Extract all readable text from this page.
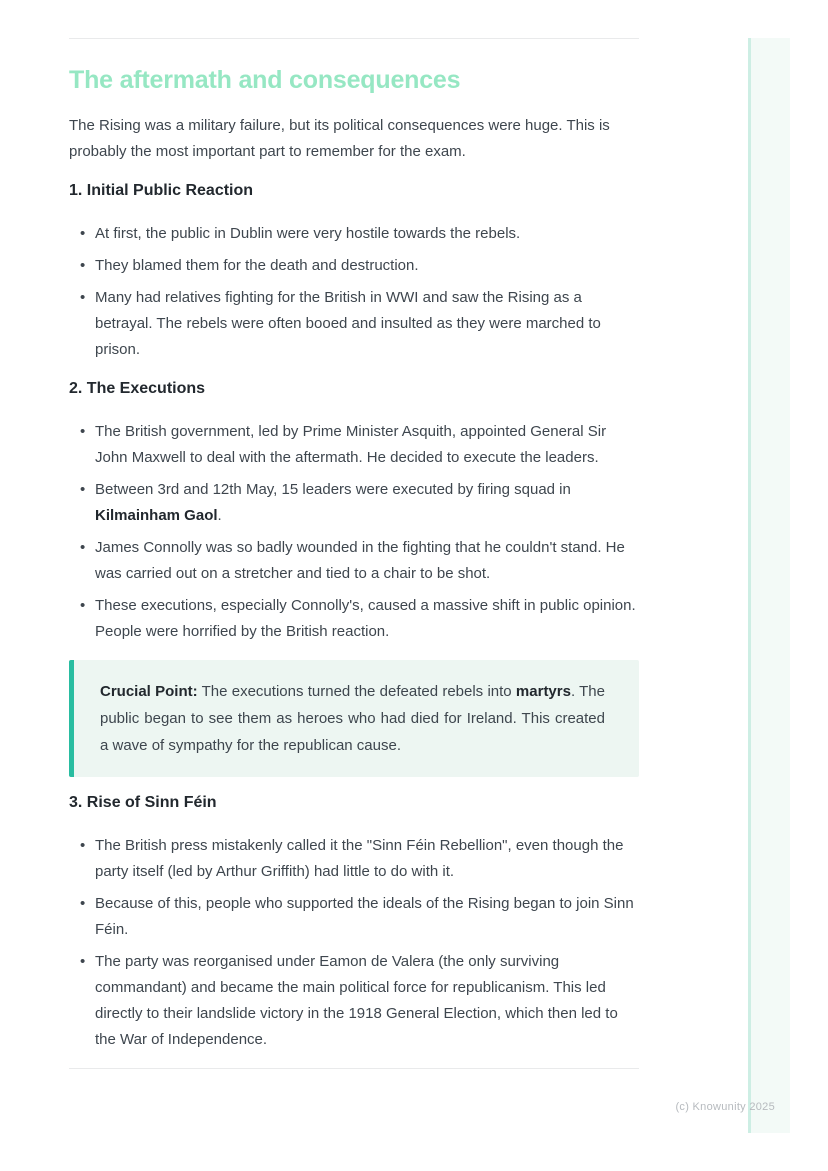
The aftermath and consequences

The Rising was a military failure, but its political consequences were huge. This is probably the most important part to remember for the exam.

1. Initial Public Reaction
• At first, the public in Dublin were very hostile towards the rebels.
• They blamed them for the death and destruction.
• Many had relatives fighting for the British in WWI and saw the Rising as a betrayal. The rebels were often booed and insulted as they were marched to prison.
2. The Executions
• The British government, led by Prime Minister Asquith, appointed General Sir John Maxwell to deal with the aftermath. He decided to execute the leaders.
• Between 3rd and 12th May, 15 leaders were executed by firing squad in Kilmainham Gaol.
• James Connolly was so badly wounded in the fighting that he couldn't stand. He was carried out on a stretcher and tied to a chair to be shot.
• These executions, especially Connolly's, caused a massive shift in public opinion. People were horrified by the British reaction.
Crucial Point: The executions turned the defeated rebels into martyrs. The public began to see them as heroes who had died for Ireland. This created a wave of sympathy for the republican cause.
3. Rise of Sinn Féin
• The British press mistakenly called it the "Sinn Féin Rebellion", even though the party itself (led by Arthur Griffith) had little to do with it.
• Because of this, people who supported the ideals of the Rising began to join Sinn Féin.
• The party was reorganised under Eamon de Valera (the only surviving commandant) and became the main political force for republicanism. This led directly to their landslide victory in the 1918 General Election, which then led to the War of Independence.
(c) Knowunity 2025
